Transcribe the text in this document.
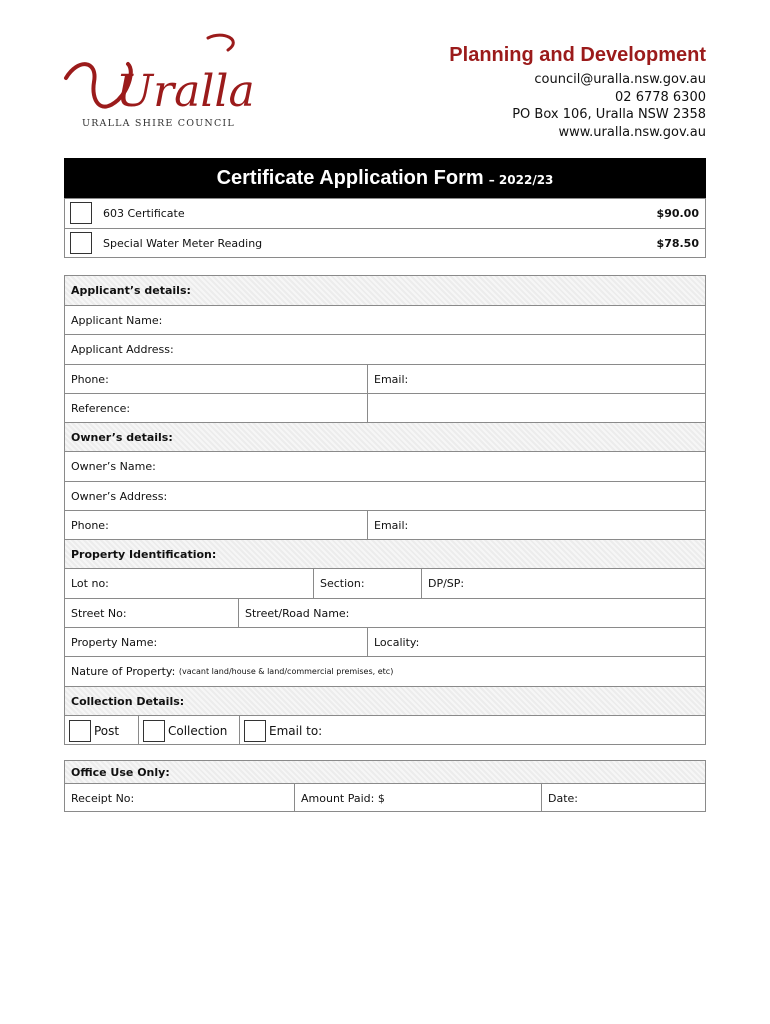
Uralla
URALLA SHIRE COUNCIL
Planning and Development
council@uralla.nsw.gov.au
02 6778 6300
PO Box 106, Uralla NSW 2358
www.uralla.nsw.gov.au
Certificate Application Form – 2022/23
603 Certificate	$90.00
Special Water Meter Reading	$78.50
Applicant’s details:
Applicant Name:
Applicant Address:
Phone:	Email:
Reference:
Owner’s details:
Owner’s Name:
Owner’s Address:
Phone:	Email:
Property Identification:
Lot no:	Section:	DP/SP:
Street No:	Street/Road Name:
Property Name:	Locality:
Nature of Property:
(vacant land/house & land/commercial premises, etc)
Collection Details:
Post	Collection	Email to:
Office Use Only:
Receipt No:	Amount Paid: $	Date:
